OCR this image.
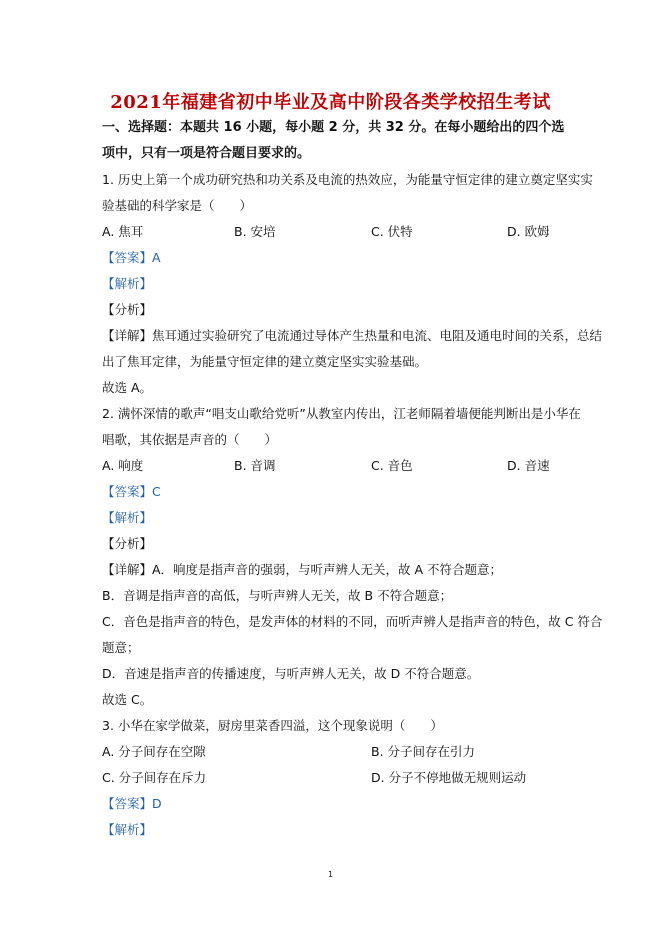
2021年福建省初中毕业及高中阶段各类学校招生考试
一、选择题：本题共 16 小题，每小题 2 分，共 32 分。在每小题给出的四个选
项中，只有一项是符合题目要求的。
1. 历史上第一个成功研究热和功关系及电流的热效应，为能量守恒定律的建立奠定坚实实
验基础的科学家是（　　）
A. 焦耳	B. 安培	C. 伏特	D. 欧姆
【答案】A
【解析】
【分析】
【详解】焦耳通过实验研究了电流通过导体产生热量和电流、电阻及通电时间的关系，总结
出了焦耳定律，为能量守恒定律的建立奠定坚实实验基础。
故选 A。
2. 满怀深情的歌声“唱支山歌给党听”从教室内传出，江老师隔着墙便能判断出是小华在
唱歌，其依据是声音的（　　）
A. 响度	B. 音调	C. 音色	D. 音速
【答案】C
【解析】
【分析】
【详解】A．响度是指声音的强弱，与听声辨人无关，故 A 不符合题意；
B．音调是指声音的高低，与听声辨人无关，故 B 不符合题意；
C．音色是指声音的特色，是发声体的材料的不同，而听声辨人是指声音的特色，故 C 符合
题意；
D．音速是指声音的传播速度，与听声辨人无关，故 D 不符合题意。
故选 C。
3. 小华在家学做菜，厨房里菜香四溢，这个现象说明（　　）
A. 分子间存在空隙	B. 分子间存在引力
C. 分子间存在斥力	D. 分子不停地做无规则运动
【答案】D
【解析】
1
